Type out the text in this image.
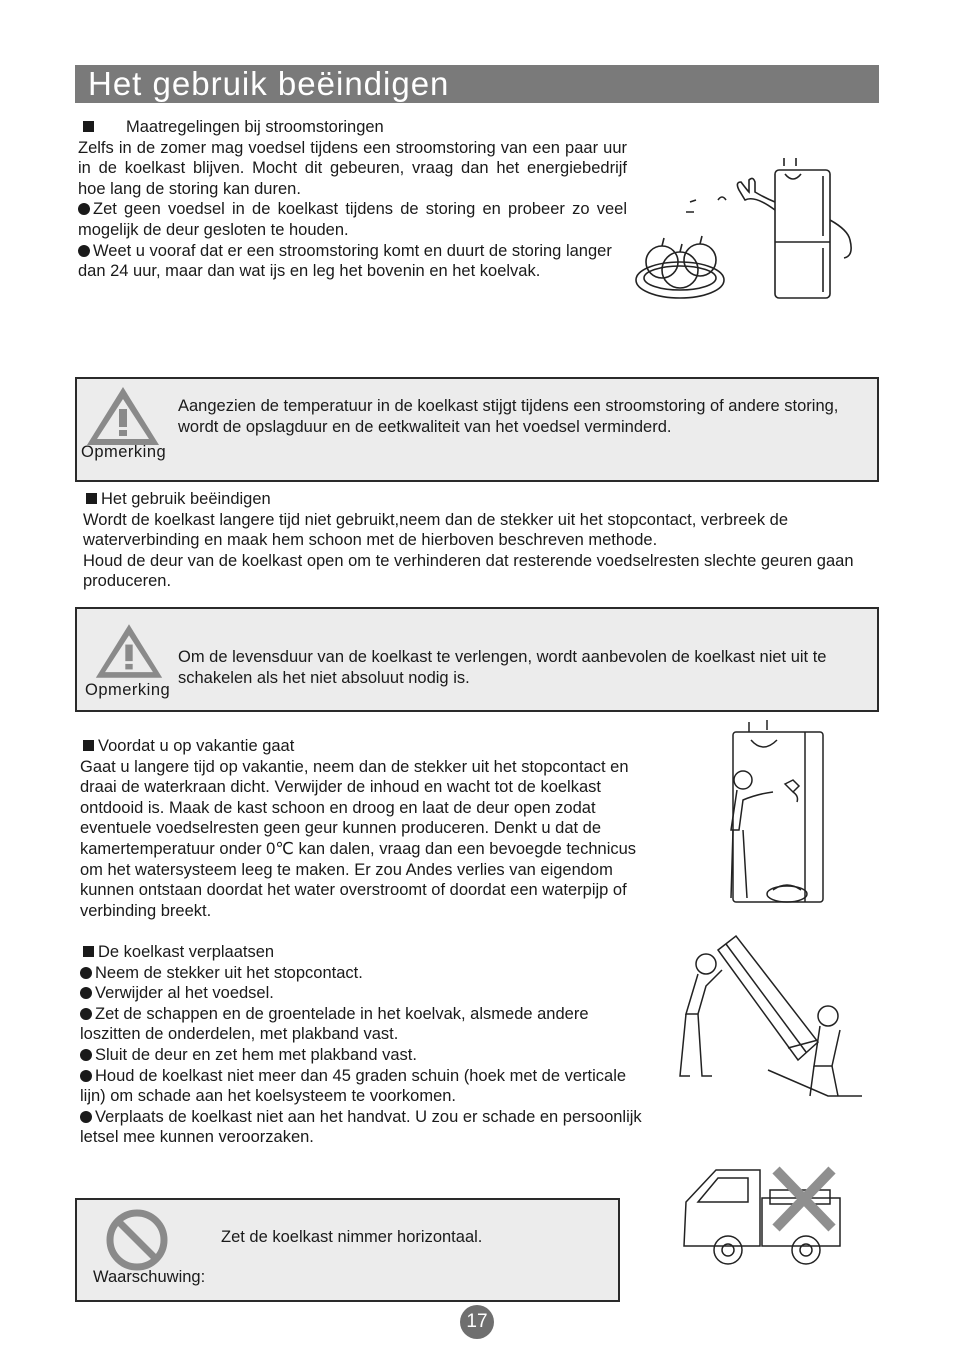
Het gebruik beëindigen

Maatregelingen bij stroomstoringen

Zelfs in de zomer mag voedsel tijdens een stroomstoring van een paar uur in de koelkast blijven. Mocht dit gebeuren, vraag dan het energiebedrijf hoe lang de storing kan duren.

Zet geen voedsel in de koelkast tijdens de storing en probeer zo veel mogelijk de deur gesloten te houden.

Weet u vooraf dat er een stroomstoring komt en duurt de storing langer dan 24 uur, maar dan wat ijs en leg het bovenin en het koelvak.

Aangezien de temperatuur in de koelkast stijgt tijdens een stroomstoring of andere storing, wordt de opslagduur en de eetkwaliteit van het voedsel verminderd.
Opmerking

Het gebruik beëindigen

Wordt de koelkast langere tijd niet gebruikt,neem dan de stekker uit het stopcontact, verbreek de waterverbinding en maak hem schoon met de hierboven beschreven methode.

Houd de deur van de koelkast open om te verhinderen dat resterende voedselresten slechte geuren gaan produceren.

Om de levensduur van de koelkast te verlengen, wordt aanbevolen de koelkast niet uit te schakelen als het niet absoluut nodig is.
Opmerking

Voordat u op vakantie gaat

Gaat u langere tijd op vakantie, neem dan de stekker uit het stopcontact en draai de waterkraan dicht. Verwijder de inhoud en wacht tot de koelkast ontdooid is. Maak de kast schoon en droog en laat de deur open zodat eventuele voedselresten geen geur kunnen produceren. Denkt u dat de kamertemperatuur onder 0℃ kan dalen, vraag dan een bevoegde technicus om het watersysteem leeg te maken. Er zou Andes verlies van eigendom kunnen ontstaan doordat het water overstroomt of doordat een waterpijp of verbinding breekt.

De koelkast verplaatsen

Neem de stekker uit het stopcontact.

Verwijder al het voedsel.

Zet de schappen en de groentelade in het koelvak, alsmede andere loszitten de onderdelen, met plakband vast.

Sluit de deur en zet hem met plakband vast.

Houd de koelkast niet meer dan 45 graden schuin (hoek met de verticale lijn) om schade aan het koelsysteem te voorkomen.

Verplaats de koelkast niet aan het handvat. U zou er schade en persoonlijk letsel mee kunnen veroorzaken.

Zet de koelkast nimmer horizontaal.
Waarschuwing:
17
